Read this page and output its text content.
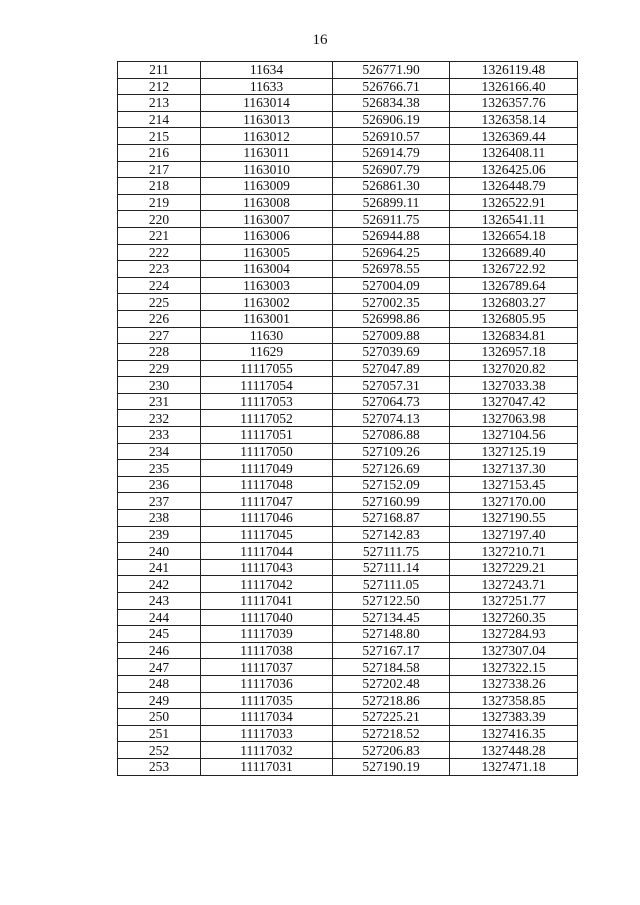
16
211	11634	526771.90	1326119.48
212	11633	526766.71	1326166.40
213	1163014	526834.38	1326357.76
214	1163013	526906.19	1326358.14
215	1163012	526910.57	1326369.44
216	1163011	526914.79	1326408.11
217	1163010	526907.79	1326425.06
218	1163009	526861.30	1326448.79
219	1163008	526899.11	1326522.91
220	1163007	526911.75	1326541.11
221	1163006	526944.88	1326654.18
222	1163005	526964.25	1326689.40
223	1163004	526978.55	1326722.92
224	1163003	527004.09	1326789.64
225	1163002	527002.35	1326803.27
226	1163001	526998.86	1326805.95
227	11630	527009.88	1326834.81
228	11629	527039.69	1326957.18
229	11117055	527047.89	1327020.82
230	11117054	527057.31	1327033.38
231	11117053	527064.73	1327047.42
232	11117052	527074.13	1327063.98
233	11117051	527086.88	1327104.56
234	11117050	527109.26	1327125.19
235	11117049	527126.69	1327137.30
236	11117048	527152.09	1327153.45
237	11117047	527160.99	1327170.00
238	11117046	527168.87	1327190.55
239	11117045	527142.83	1327197.40
240	11117044	527111.75	1327210.71
241	11117043	527111.14	1327229.21
242	11117042	527111.05	1327243.71
243	11117041	527122.50	1327251.77
244	11117040	527134.45	1327260.35
245	11117039	527148.80	1327284.93
246	11117038	527167.17	1327307.04
247	11117037	527184.58	1327322.15
248	11117036	527202.48	1327338.26
249	11117035	527218.86	1327358.85
250	11117034	527225.21	1327383.39
251	11117033	527218.52	1327416.35
252	11117032	527206.83	1327448.28
253	11117031	527190.19	1327471.18
